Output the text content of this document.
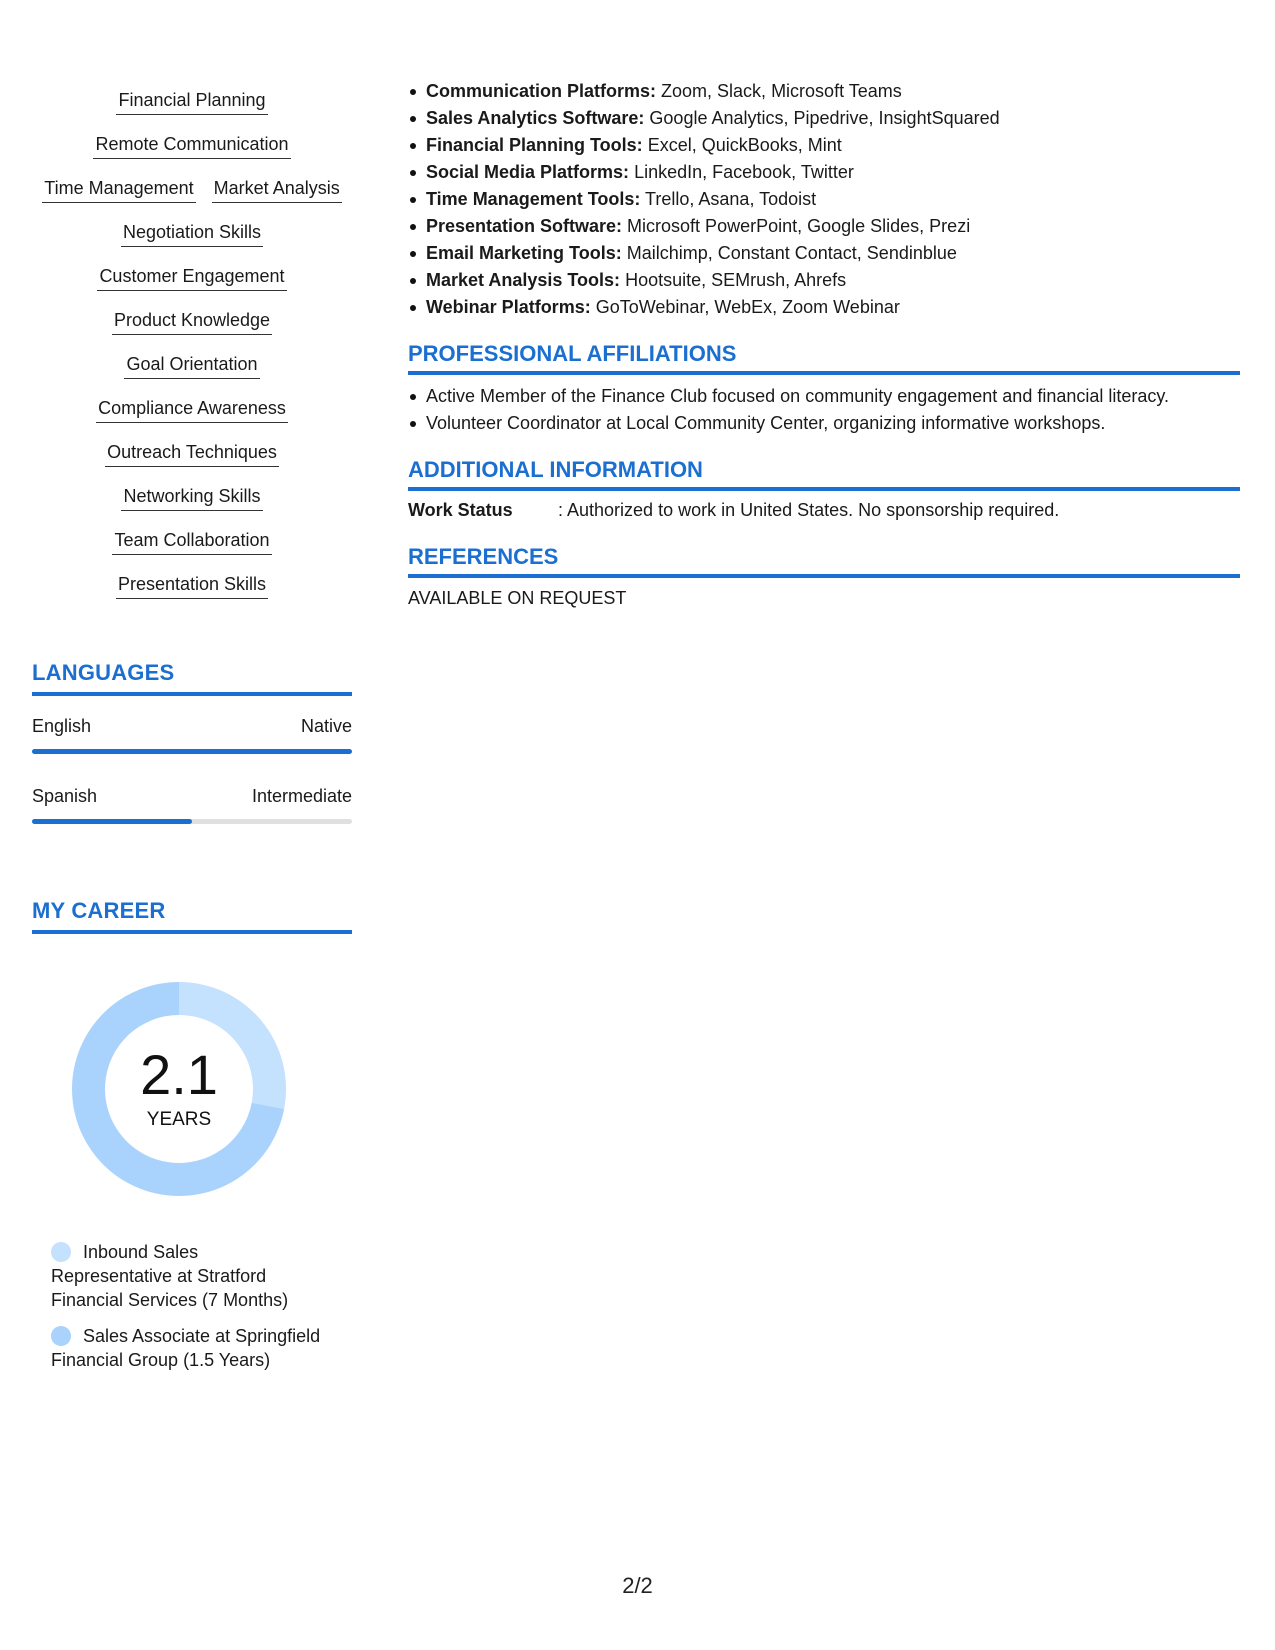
Financial Planning
Remote Communication
Time Management Market Analysis
Negotiation Skills
Customer Engagement
Product Knowledge
Goal Orientation
Compliance Awareness
Outreach Techniques
Networking Skills
Team Collaboration
Presentation Skills
LANGUAGES
English	Native
Spanish	Intermediate
MY CAREER
2.1
YEARS
Inbound Sales Representative at Stratford Financial Services (7 Months)
Sales Associate at Springfield Financial Group (1.5 Years)
Communication Platforms: Zoom, Slack, Microsoft Teams
Sales Analytics Software: Google Analytics, Pipedrive, InsightSquared
Financial Planning Tools: Excel, QuickBooks, Mint
Social Media Platforms: LinkedIn, Facebook, Twitter
Time Management Tools: Trello, Asana, Todoist
Presentation Software: Microsoft PowerPoint, Google Slides, Prezi
Email Marketing Tools: Mailchimp, Constant Contact, Sendinblue
Market Analysis Tools: Hootsuite, SEMrush, Ahrefs
Webinar Platforms: GoToWebinar, WebEx, Zoom Webinar
PROFESSIONAL AFFILIATIONS
Active Member of the Finance Club focused on community engagement and financial literacy.
Volunteer Coordinator at Local Community Center, organizing informative workshops.
ADDITIONAL INFORMATION
Work Status	: Authorized to work in United States. No sponsorship required.
REFERENCES
AVAILABLE ON REQUEST
2/2
